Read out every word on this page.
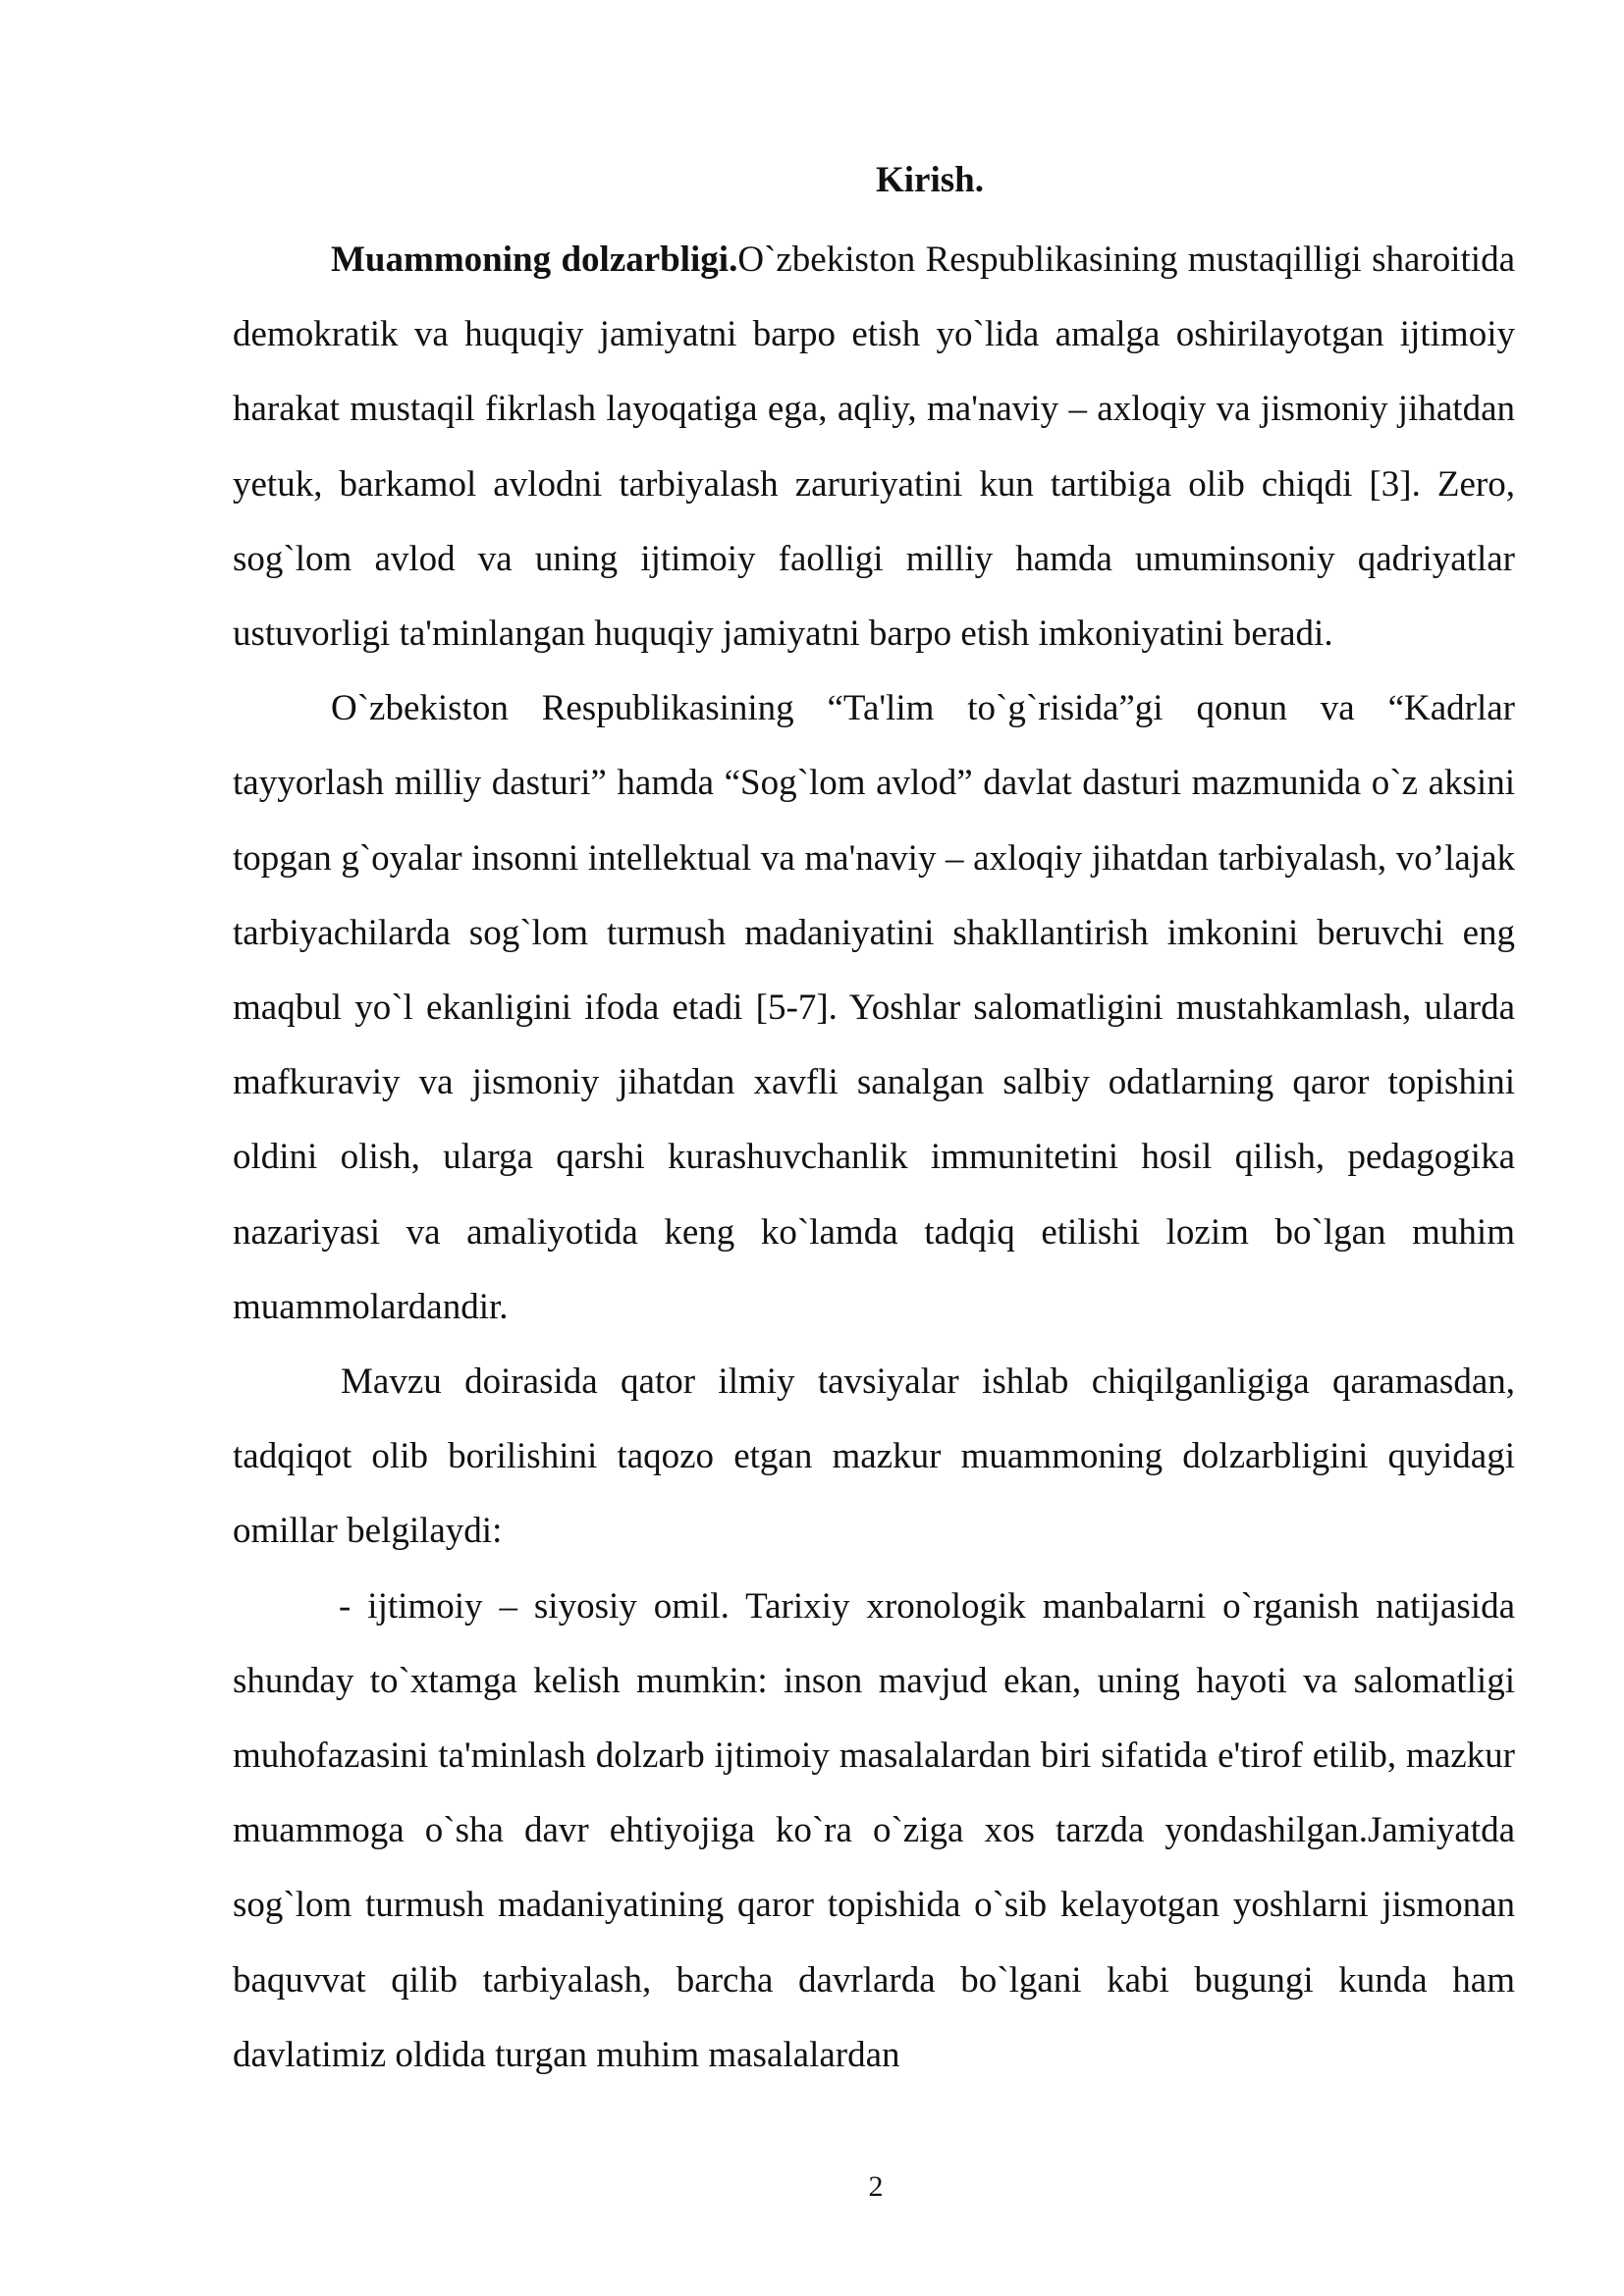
Kirish.

Muammoning dolzarbligi.O`zbekiston Respublikasining mustaqilligi sharoitida demokratik va huquqiy jamiyatni barpo etish yo`lida amalga oshirilayotgan ijtimoiy harakat mustaqil fikrlash layoqatiga ega, aqliy, ma'naviy – axloqiy va jismoniy jihatdan yetuk, barkamol avlodni tarbiyalash zaruriyatini kun tartibiga olib chiqdi [3]. Zero, sog`lom avlod va uning ijtimoiy faolligi milliy hamda umuminsoniy qadriyatlar ustuvorligi ta'minlangan huquqiy jamiyatni barpo etish imkoniyatini beradi.

O`zbekiston Respublikasining “Ta'lim to`g`risida”gi qonun va “Kadrlar tayyorlash milliy dasturi” hamda “Sog`lom avlod” davlat dasturi mazmunida o`z aksini topgan g`oyalar insonni intellektual va ma'naviy – axloqiy jihatdan tarbiyalash, vo’lajak tarbiyachilarda sog`lom turmush madaniyatini shakllantirish imkonini beruvchi eng maqbul yo`l ekanligini ifoda etadi [5-7]. Yoshlar salomatligini mustahkamlash, ularda mafkuraviy va jismoniy jihatdan xavfli sanalgan salbiy odatlarning qaror topishini oldini olish, ularga qarshi kurashuvchanlik immunitetini hosil qilish, pedagogika nazariyasi va amaliyotida keng ko`lamda tadqiq etilishi lozim bo`lgan muhim muammolardandir.

Mavzu doirasida qator ilmiy tavsiyalar ishlab chiqilganligiga qaramasdan, tadqiqot olib borilishini taqozo etgan mazkur muammoning dolzarbligini quyidagi omillar belgilaydi:

- ijtimoiy – siyosiy omil. Tarixiy xronologik manbalarni o`rganish natijasida shunday to`xtamga kelish mumkin: inson mavjud ekan, uning hayoti va salomatligi muhofazasini ta'minlash dolzarb ijtimoiy masalalardan biri sifatida e'tirof etilib, mazkur muammoga o`sha davr ehtiyojiga ko`ra o`ziga xos tarzda yondashilgan.Jamiyatda sog`lom turmush madaniyatining qaror topishida o`sib kelayotgan yoshlarni jismonan baquvvat qilib tarbiyalash, barcha davrlarda bo`lgani kabi bugungi kunda ham davlatimiz oldida turgan muhim masalalardan

2
